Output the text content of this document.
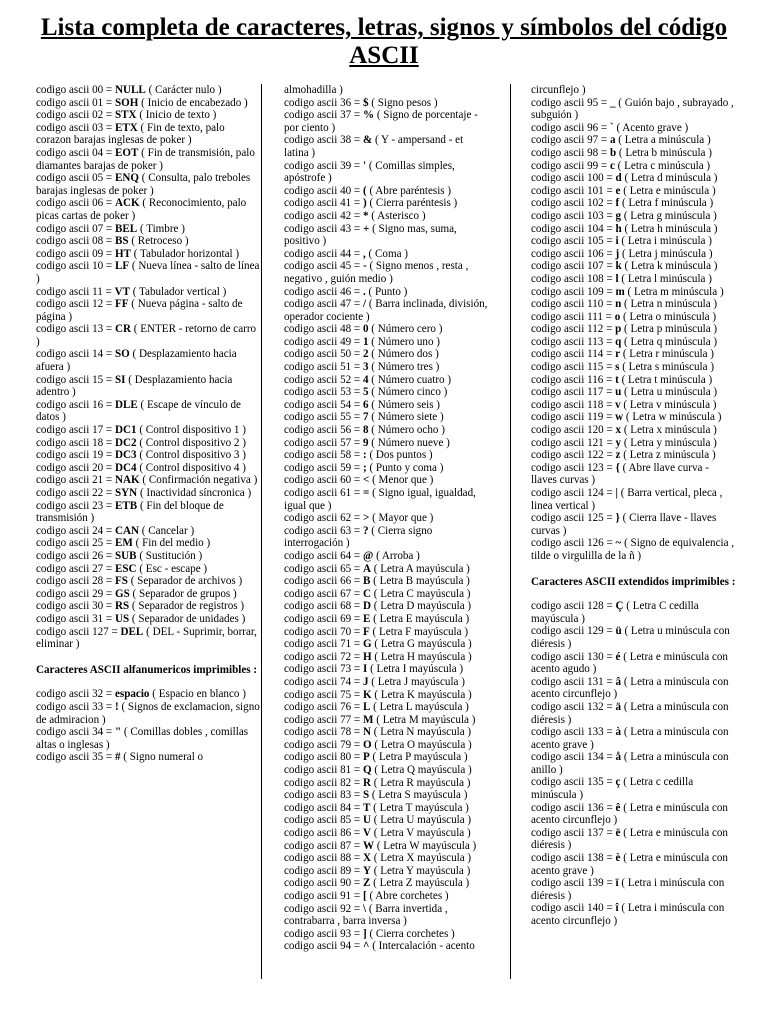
Lista completa de caracteres, letras, signos y símbolos del código ASCII
codigo ascii 00 = NULL ( Carácter nulo )
codigo ascii 01 = SOH ( Inicio de encabezado )
codigo ascii 02 = STX ( Inicio de texto )
codigo ascii 03 = ETX ( Fin de texto, palo corazon barajas inglesas de poker )
codigo ascii 04 = EOT ( Fin de transmisión, palo diamantes barajas de poker )
codigo ascii 05 = ENQ ( Consulta, palo treboles barajas inglesas de poker )
codigo ascii 06 = ACK ( Reconocimiento, palo picas cartas de poker )
codigo ascii 07 = BEL ( Timbre )
codigo ascii 08 = BS ( Retroceso )
codigo ascii 09 = HT ( Tabulador horizontal )
codigo ascii 10 = LF ( Nueva línea - salto de línea )
codigo ascii 11 = VT ( Tabulador vertical )
codigo ascii 12 = FF ( Nueva página - salto de página )
codigo ascii 13 = CR ( ENTER - retorno de carro )
codigo ascii 14 = SO ( Desplazamiento hacia afuera )
codigo ascii 15 = SI ( Desplazamiento hacia adentro )
codigo ascii 16 = DLE ( Escape de vínculo de datos )
codigo ascii 17 = DC1 ( Control dispositivo 1 )
codigo ascii 18 = DC2 ( Control dispositivo 2 )
codigo ascii 19 = DC3 ( Control dispositivo 3 )
codigo ascii 20 = DC4 ( Control dispositivo 4 )
codigo ascii 21 = NAK ( Confirmación negativa )
codigo ascii 22 = SYN ( Inactividad síncronica )
codigo ascii 23 = ETB ( Fin del bloque de transmisión )
codigo ascii 24 = CAN ( Cancelar )
codigo ascii 25 = EM ( Fin del medio )
codigo ascii 26 = SUB ( Sustitución )
codigo ascii 27 = ESC ( Esc - escape )
codigo ascii 28 = FS ( Separador de archivos )
codigo ascii 29 = GS ( Separador de grupos )
codigo ascii 30 = RS ( Separador de registros )
codigo ascii 31 = US ( Separador de unidades )
codigo ascii 127 = DEL ( DEL - Suprimir, borrar, eliminar )
Caracteres ASCII alfanumericos imprimibles :
codigo ascii 32 = espacio ( Espacio en blanco )
codigo ascii 33 = ! ( Signos de exclamacion, signo de admiracion )
codigo ascii 34 = " ( Comillas dobles , comillas altas o inglesas )
codigo ascii 35 = # ( Signo numeral o
almohadilla )
codigo ascii 36 = $ ( Signo pesos )
codigo ascii 37 = % ( Signo de porcentaje - por ciento )
codigo ascii 38 = & ( Y - ampersand - et latina )
codigo ascii 39 = ' ( Comillas simples, apóstrofe )
codigo ascii 40 = ( ( Abre paréntesis )
codigo ascii 41 = ) ( Cierra paréntesis )
codigo ascii 42 = * ( Asterisco )
codigo ascii 43 = + ( Signo mas, suma, positivo )
codigo ascii 44 = , ( Coma )
codigo ascii 45 = - ( Signo menos , resta , negativo , guión medio )
codigo ascii 46 = . ( Punto )
codigo ascii 47 = / ( Barra inclinada, división, operador cociente )
codigo ascii 48 = 0 ( Número cero )
codigo ascii 49 = 1 ( Número uno )
codigo ascii 50 = 2 ( Número dos )
codigo ascii 51 = 3 ( Número tres )
codigo ascii 52 = 4 ( Número cuatro )
codigo ascii 53 = 5 ( Número cinco )
codigo ascii 54 = 6 ( Número seis )
codigo ascii 55 = 7 ( Número siete )
codigo ascii 56 = 8 ( Número ocho )
codigo ascii 57 = 9 ( Número nueve )
codigo ascii 58 = : ( Dos puntos )
codigo ascii 59 = ; ( Punto y coma )
codigo ascii 60 = < ( Menor que )
codigo ascii 61 = = ( Signo igual, igualdad, igual que )
codigo ascii 62 = > ( Mayor que )
codigo ascii 63 = ? ( Cierra signo interrogación )
codigo ascii 64 = @ ( Arroba )
codigo ascii 65 = A ( Letra A mayúscula )
codigo ascii 66 = B ( Letra B mayúscula )
codigo ascii 67 = C ( Letra C mayúscula )
codigo ascii 68 = D ( Letra D mayúscula )
codigo ascii 69 = E ( Letra E mayúscula )
codigo ascii 70 = F ( Letra F mayúscula )
codigo ascii 71 = G ( Letra G mayúscula )
codigo ascii 72 = H ( Letra H mayúscula )
codigo ascii 73 = I ( Letra I mayúscula )
codigo ascii 74 = J ( Letra J mayúscula )
codigo ascii 75 = K ( Letra K mayúscula )
codigo ascii 76 = L ( Letra L mayúscula )
codigo ascii 77 = M ( Letra M mayúscula )
codigo ascii 78 = N ( Letra N mayúscula )
codigo ascii 79 = O ( Letra O mayúscula )
codigo ascii 80 = P ( Letra P mayúscula )
codigo ascii 81 = Q ( Letra Q mayúscula )
codigo ascii 82 = R ( Letra R mayúscula )
codigo ascii 83 = S ( Letra S mayúscula )
codigo ascii 84 = T ( Letra T mayúscula )
codigo ascii 85 = U ( Letra U mayúscula )
codigo ascii 86 = V ( Letra V mayúscula )
codigo ascii 87 = W ( Letra W mayúscula )
codigo ascii 88 = X ( Letra X mayúscula )
codigo ascii 89 = Y ( Letra Y mayúscula )
codigo ascii 90 = Z ( Letra Z mayúscula )
codigo ascii 91 = [ ( Abre corchetes )
codigo ascii 92 = \ ( Barra invertida , contrabarra , barra inversa )
codigo ascii 93 = ] ( Cierra corchetes )
codigo ascii 94 = ^ ( Intercalación - acento
circunflejo )
codigo ascii 95 = _ ( Guión bajo , subrayado , subguión )
codigo ascii 96 = ` ( Acento grave )
codigo ascii 97 = a ( Letra a minúscula )
codigo ascii 98 = b ( Letra b minúscula )
codigo ascii 99 = c ( Letra c minúscula )
codigo ascii 100 = d ( Letra d minúscula )
codigo ascii 101 = e ( Letra e minúscula )
codigo ascii 102 = f ( Letra f minúscula )
codigo ascii 103 = g ( Letra g minúscula )
codigo ascii 104 = h ( Letra h minúscula )
codigo ascii 105 = i ( Letra i minúscula )
codigo ascii 106 = j ( Letra j minúscula )
codigo ascii 107 = k ( Letra k minúscula )
codigo ascii 108 = l ( Letra l minúscula )
codigo ascii 109 = m ( Letra m minúscula )
codigo ascii 110 = n ( Letra n minúscula )
codigo ascii 111 = o ( Letra o minúscula )
codigo ascii 112 = p ( Letra p minúscula )
codigo ascii 113 = q ( Letra q minúscula )
codigo ascii 114 = r ( Letra r minúscula )
codigo ascii 115 = s ( Letra s minúscula )
codigo ascii 116 = t ( Letra t minúscula )
codigo ascii 117 = u ( Letra u minúscula )
codigo ascii 118 = v ( Letra v minúscula )
codigo ascii 119 = w ( Letra w minúscula )
codigo ascii 120 = x ( Letra x minúscula )
codigo ascii 121 = y ( Letra y minúscula )
codigo ascii 122 = z ( Letra z minúscula )
codigo ascii 123 = { ( Abre llave curva - llaves curvas )
codigo ascii 124 = | ( Barra vertical, pleca , linea vertical )
codigo ascii 125 = } ( Cierra llave - llaves curvas )
codigo ascii 126 = ~ ( Signo de equivalencia , tilde o virgulilla de la ñ )
Caracteres ASCII extendidos imprimibles :
codigo ascii 128 = Ç ( Letra C cedilla mayúscula )
codigo ascii 129 = ü ( Letra u minúscula con diéresis )
codigo ascii 130 = é ( Letra e minúscula con acento agudo )
codigo ascii 131 = â ( Letra a minúscula con acento circunflejo )
codigo ascii 132 = ä ( Letra a minúscula con diéresis )
codigo ascii 133 = à ( Letra a minúscula con acento grave )
codigo ascii 134 = å ( Letra a minúscula con anillo )
codigo ascii 135 = ç ( Letra c cedilla minúscula )
codigo ascii 136 = ê ( Letra e minúscula con acento circunflejo )
codigo ascii 137 = ë ( Letra e minúscula con diéresis )
codigo ascii 138 = è ( Letra e minúscula con acento grave )
codigo ascii 139 = ï ( Letra i minúscula con diéresis )
codigo ascii 140 = î ( Letra i minúscula con acento circunflejo )
